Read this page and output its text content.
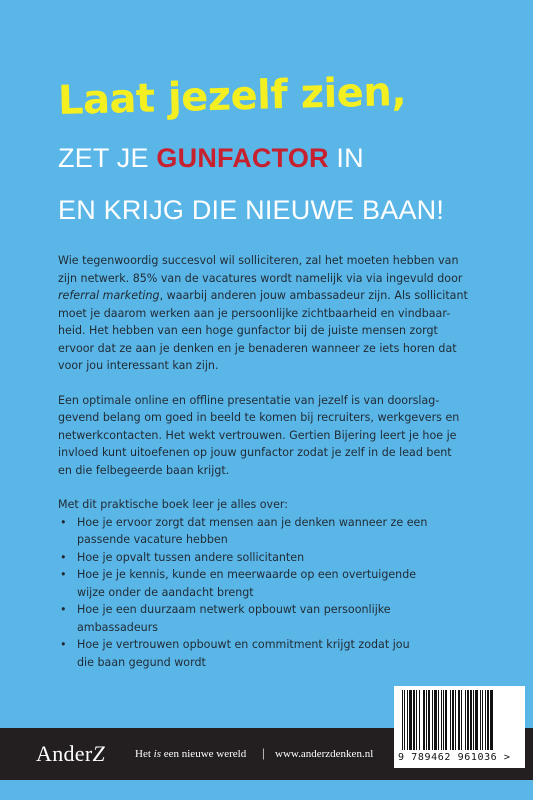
Laat jezelf zien,
ZET JE GUNFACTOR IN
EN KRIJG DIE NIEUWE BAAN!

Wie tegenwoordig succesvol wil solliciteren, zal het moeten hebben van
zijn netwerk. 85% van de vacatures wordt namelijk via via ingevuld door
referral marketing, waarbij anderen jouw ambassadeur zijn. Als sollicitant
moet je daarom werken aan je persoonlijke zichtbaarheid en vindbaar-
heid. Het hebben van een hoge gunfactor bij de juiste mensen zorgt
ervoor dat ze aan je denken en je benaderen wanneer ze iets horen dat
voor jou interessant kan zijn.

Een optimale online en offline presentatie van jezelf is van doorslag-
gevend belang om goed in beeld te komen bij recruiters, werkgevers en
netwerkcontacten. Het wekt vertrouwen. Gertien Bijering leert je hoe je
invloed kunt uitoefenen op jouw gunfactor zodat je zelf in de lead bent
en die felbegeerde baan krijgt.

Met dit praktische boek leer je alles over:
• Hoe je ervoor zorgt dat mensen aan je denken wanneer ze een
passende vacature hebben
• Hoe je opvalt tussen andere sollicitanten
• Hoe je je kennis, kunde en meerwaarde op een overtuigende
wijze onder de aandacht brengt
• Hoe je een duurzaam netwerk opbouwt van persoonlijke
ambassadeurs
• Hoe je vertrouwen opbouwt en commitment krijgt zodat jou
die baan gegund wordt
AnderZ	Het is een nieuwe wereld | www.anderzdenken.nl 9 789462 961036 >
